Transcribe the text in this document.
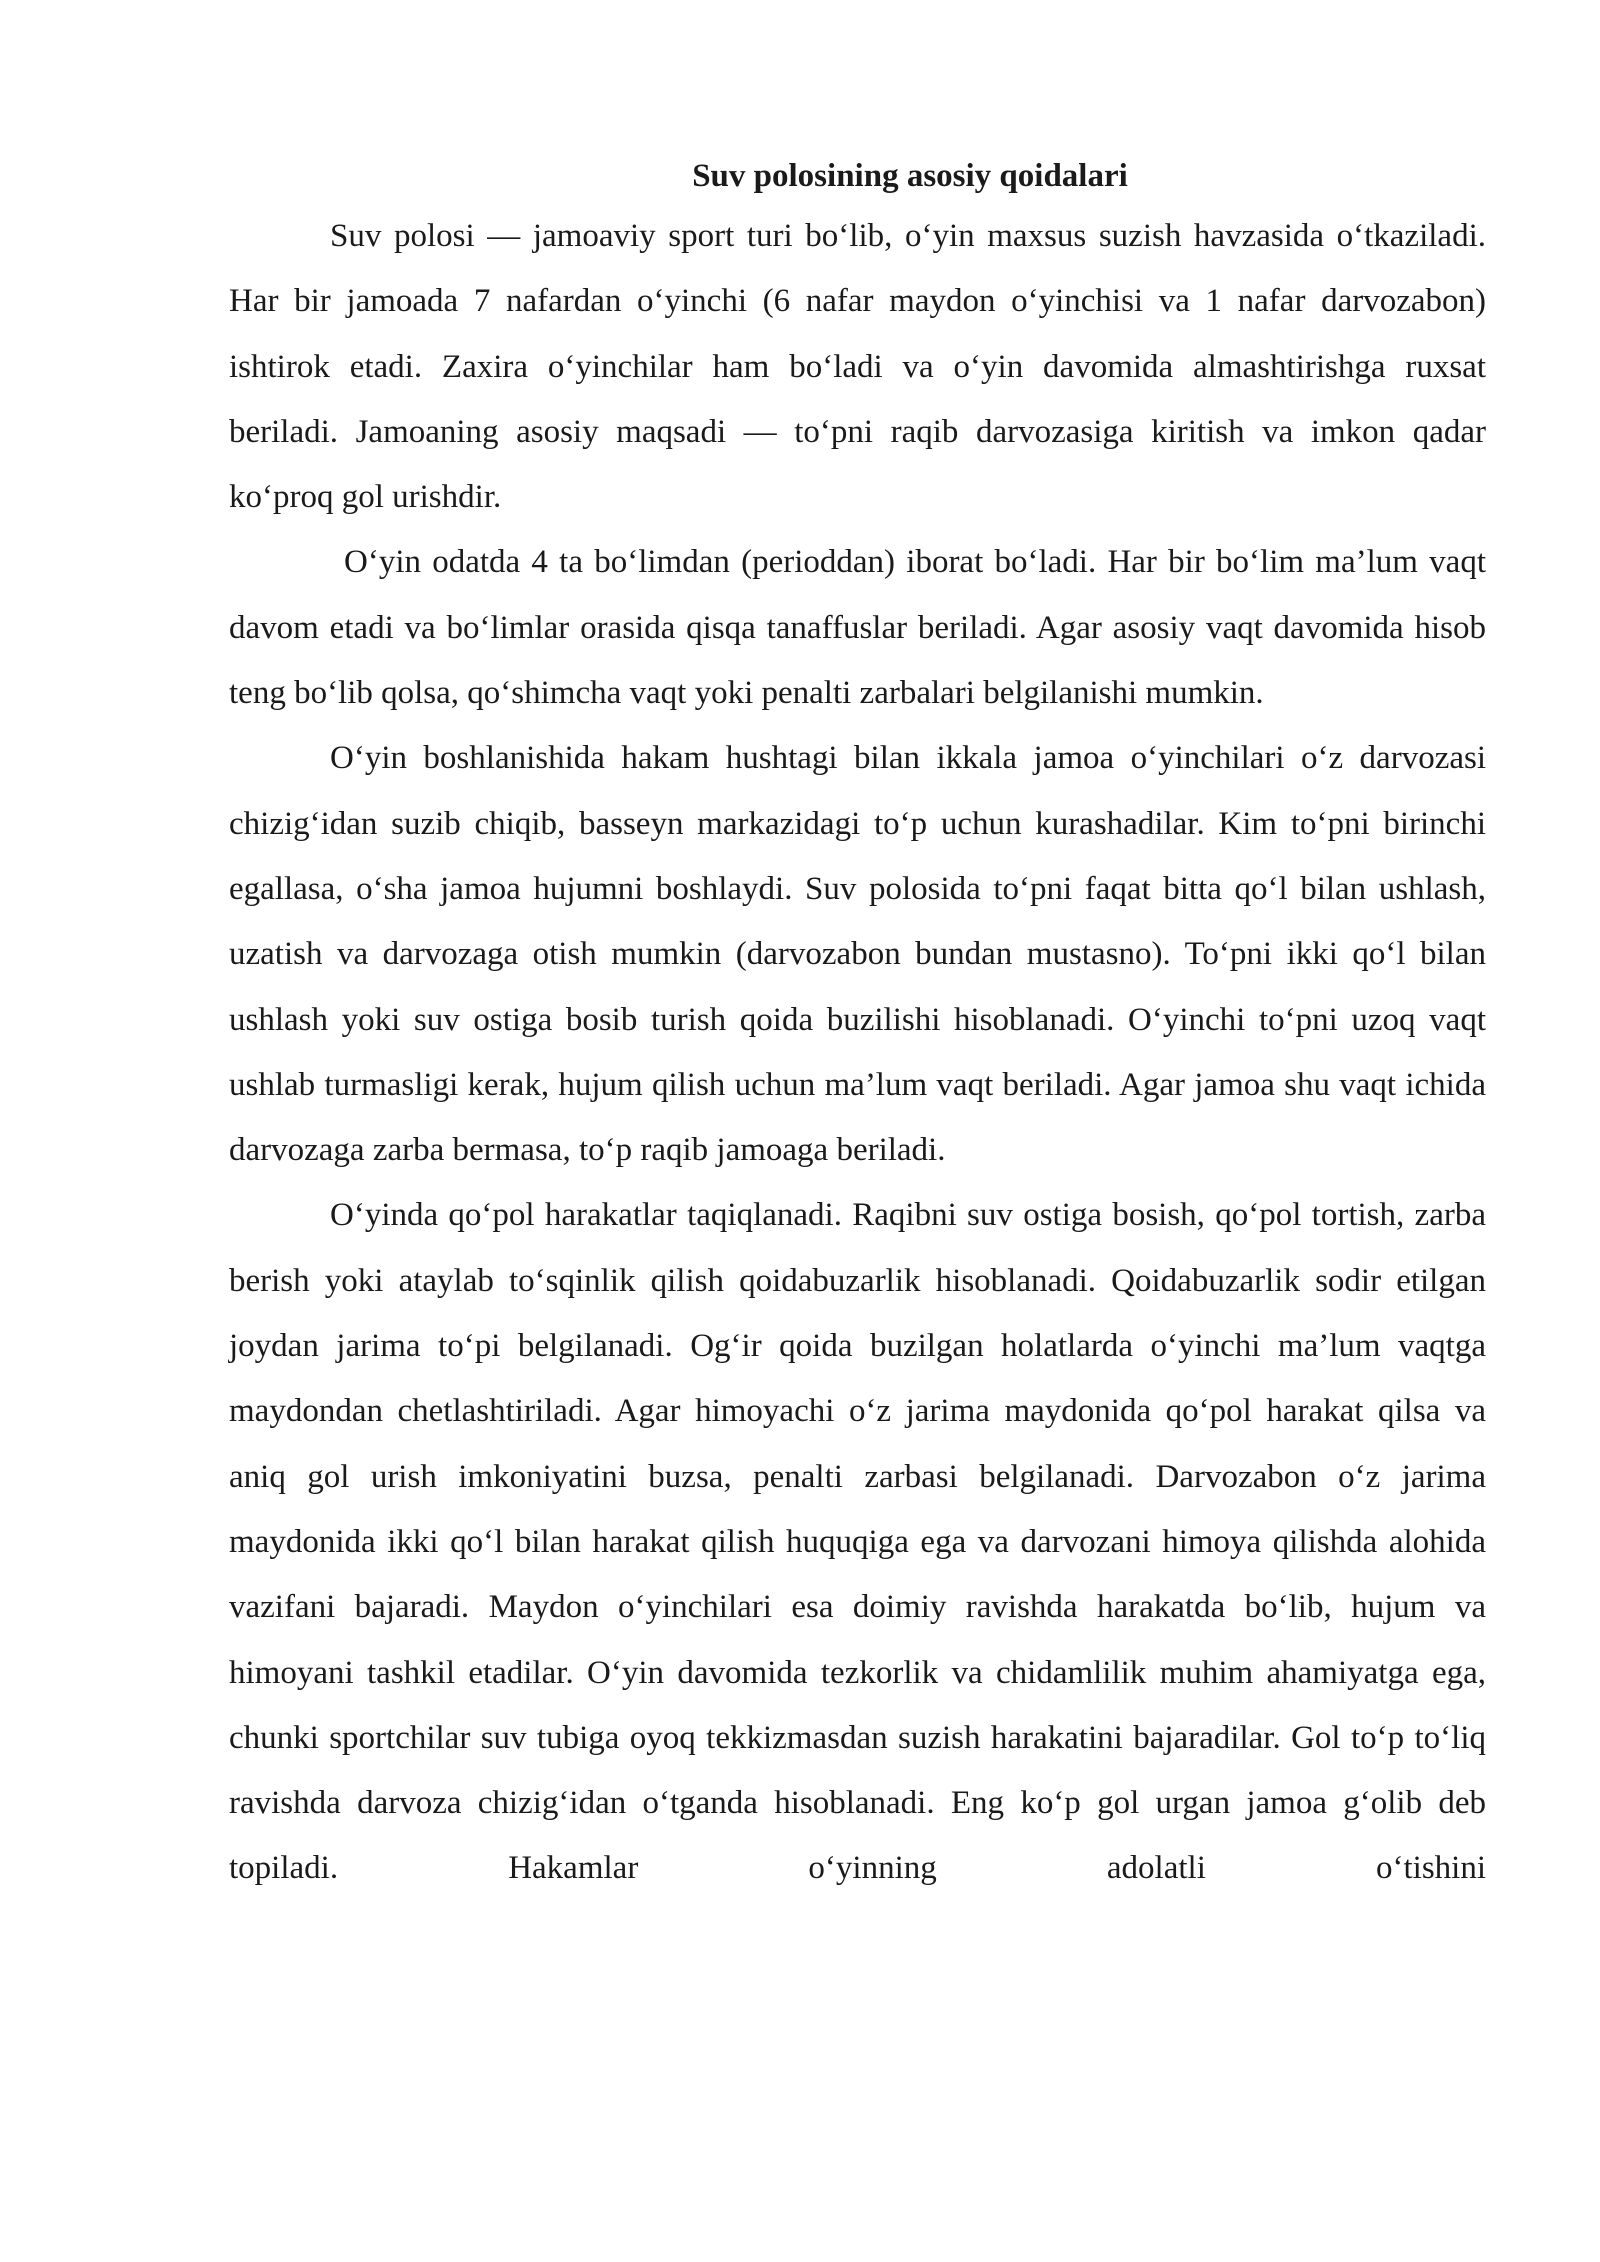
Suv polosining asosiy qoidalari

Suv polosi — jamoaviy sport turi bo‘lib, o‘yin maxsus suzish havzasida o‘tkaziladi. Har bir jamoada 7 nafardan o‘yinchi (6 nafar maydon o‘yinchisi va 1 nafar darvozabon) ishtirok etadi. Zaxira o‘yinchilar ham bo‘ladi va o‘yin davomida almashtirishga ruxsat beriladi. Jamoaning asosiy maqsadi — to‘pni raqib darvozasiga kiritish va imkon qadar ko‘proq gol urishdir.

O‘yin odatda 4 ta bo‘limdan (perioddan) iborat bo‘ladi. Har bir bo‘lim ma’lum vaqt davom etadi va bo‘limlar orasida qisqa tanaffuslar beriladi. Agar asosiy vaqt davomida hisob teng bo‘lib qolsa, qo‘shimcha vaqt yoki penalti zarbalari belgilanishi mumkin.

O‘yin boshlanishida hakam hushtagi bilan ikkala jamoa o‘yinchilari o‘z darvozasi chizig‘idan suzib chiqib, basseyn markazidagi to‘p uchun kurashadilar. Kim to‘pni birinchi egallasa, o‘sha jamoa hujumni boshlaydi. Suv polosida to‘pni faqat bitta qo‘l bilan ushlash, uzatish va darvozaga otish mumkin (darvozabon bundan mustasno). To‘pni ikki qo‘l bilan ushlash yoki suv ostiga bosib turish qoida buzilishi hisoblanadi. O‘yinchi to‘pni uzoq vaqt ushlab turmasligi kerak, hujum qilish uchun ma’lum vaqt beriladi. Agar jamoa shu vaqt ichida darvozaga zarba bermasa, to‘p raqib jamoaga beriladi.

O‘yinda qo‘pol harakatlar taqiqlanadi. Raqibni suv ostiga bosish, qo‘pol tortish, zarba berish yoki ataylab to‘sqinlik qilish qoidabuzarlik hisoblanadi. Qoidabuzarlik sodir etilgan joydan jarima to‘pi belgilanadi. Og‘ir qoida buzilgan holatlarda o‘yinchi ma’lum vaqtga maydondan chetlashtiriladi. Agar himoyachi o‘z jarima maydonida qo‘pol harakat qilsa va aniq gol urish imkoniyatini buzsa, penalti zarbasi belgilanadi. Darvozabon o‘z jarima maydonida ikki qo‘l bilan harakat qilish huquqiga ega va darvozani himoya qilishda alohida vazifani bajaradi. Maydon o‘yinchilari esa doimiy ravishda harakatda bo‘lib, hujum va himoyani tashkil etadilar. O‘yin davomida tezkorlik va chidamlilik muhim ahamiyatga ega, chunki sportchilar suv tubiga oyoq tekkizmasdan suzish harakatini bajaradilar. Gol to‘p to‘liq ravishda darvoza chizig‘idan o‘tganda hisoblanadi. Eng ko‘p gol urgan jamoa g‘olib deb topiladi. Hakamlar o‘yinning adolatli o‘tishini
